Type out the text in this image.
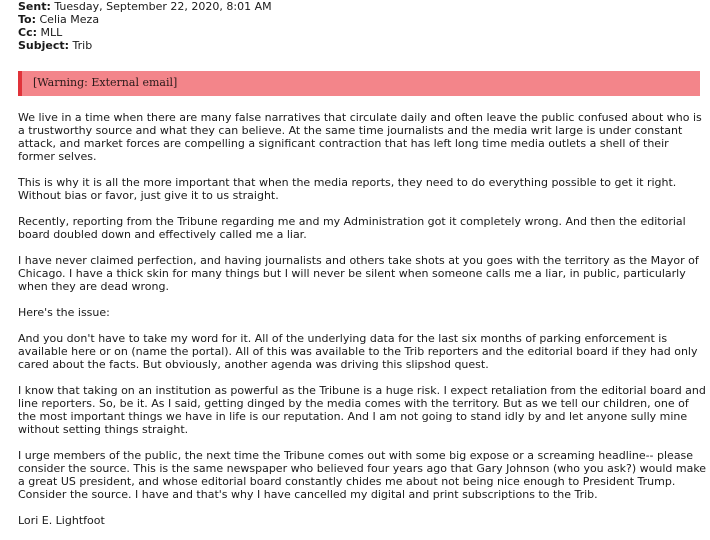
Sent: Tuesday, September 22, 2020, 8:01 AM
To: Celia Meza
Cc: MLL
Subject: Trib
[Warning: External email]

We live in a time when there are many false narratives that circulate daily and often leave the public confused about who is a trustworthy source and what they can believe. At the same time journalists and the media writ large is under constant attack, and market forces are compelling a significant contraction that has left long time media outlets a shell of their former selves.

This is why it is all the more important that when the media reports, they need to do everything possible to get it right. Without bias or favor, just give it to us straight.

Recently, reporting from the Tribune regarding me and my Administration got it completely wrong. And then the editorial board doubled down and effectively called me a liar.

I have never claimed perfection, and having journalists and others take shots at you goes with the territory as the Mayor of Chicago. I have a thick skin for many things but I will never be silent when someone calls me a liar, in public, particularly when they are dead wrong.

Here's the issue:

And you don't have to take my word for it. All of the underlying data for the last six months of parking enforcement is available here or on (name the portal). All of this was available to the Trib reporters and the editorial board if they had only cared about the facts. But obviously, another agenda was driving this slipshod quest.

I know that taking on an institution as powerful as the Tribune is a huge risk. I expect retaliation from the editorial board and line reporters. So, be it. As I said, getting dinged by the media comes with the territory. But as we tell our children, one of the most important things we have in life is our reputation. And I am not going to stand idly by and let anyone sully mine without setting things straight.

I urge members of the public, the next time the Tribune comes out with some big expose or a screaming headline-- please consider the source. This is the same newspaper who believed four years ago that Gary Johnson (who you ask?) would make a great US president, and whose editorial board constantly chides me about not being nice enough to President Trump. Consider the source. I have and that's why I have cancelled my digital and print subscriptions to the Trib.

Lori E. Lightfoot
